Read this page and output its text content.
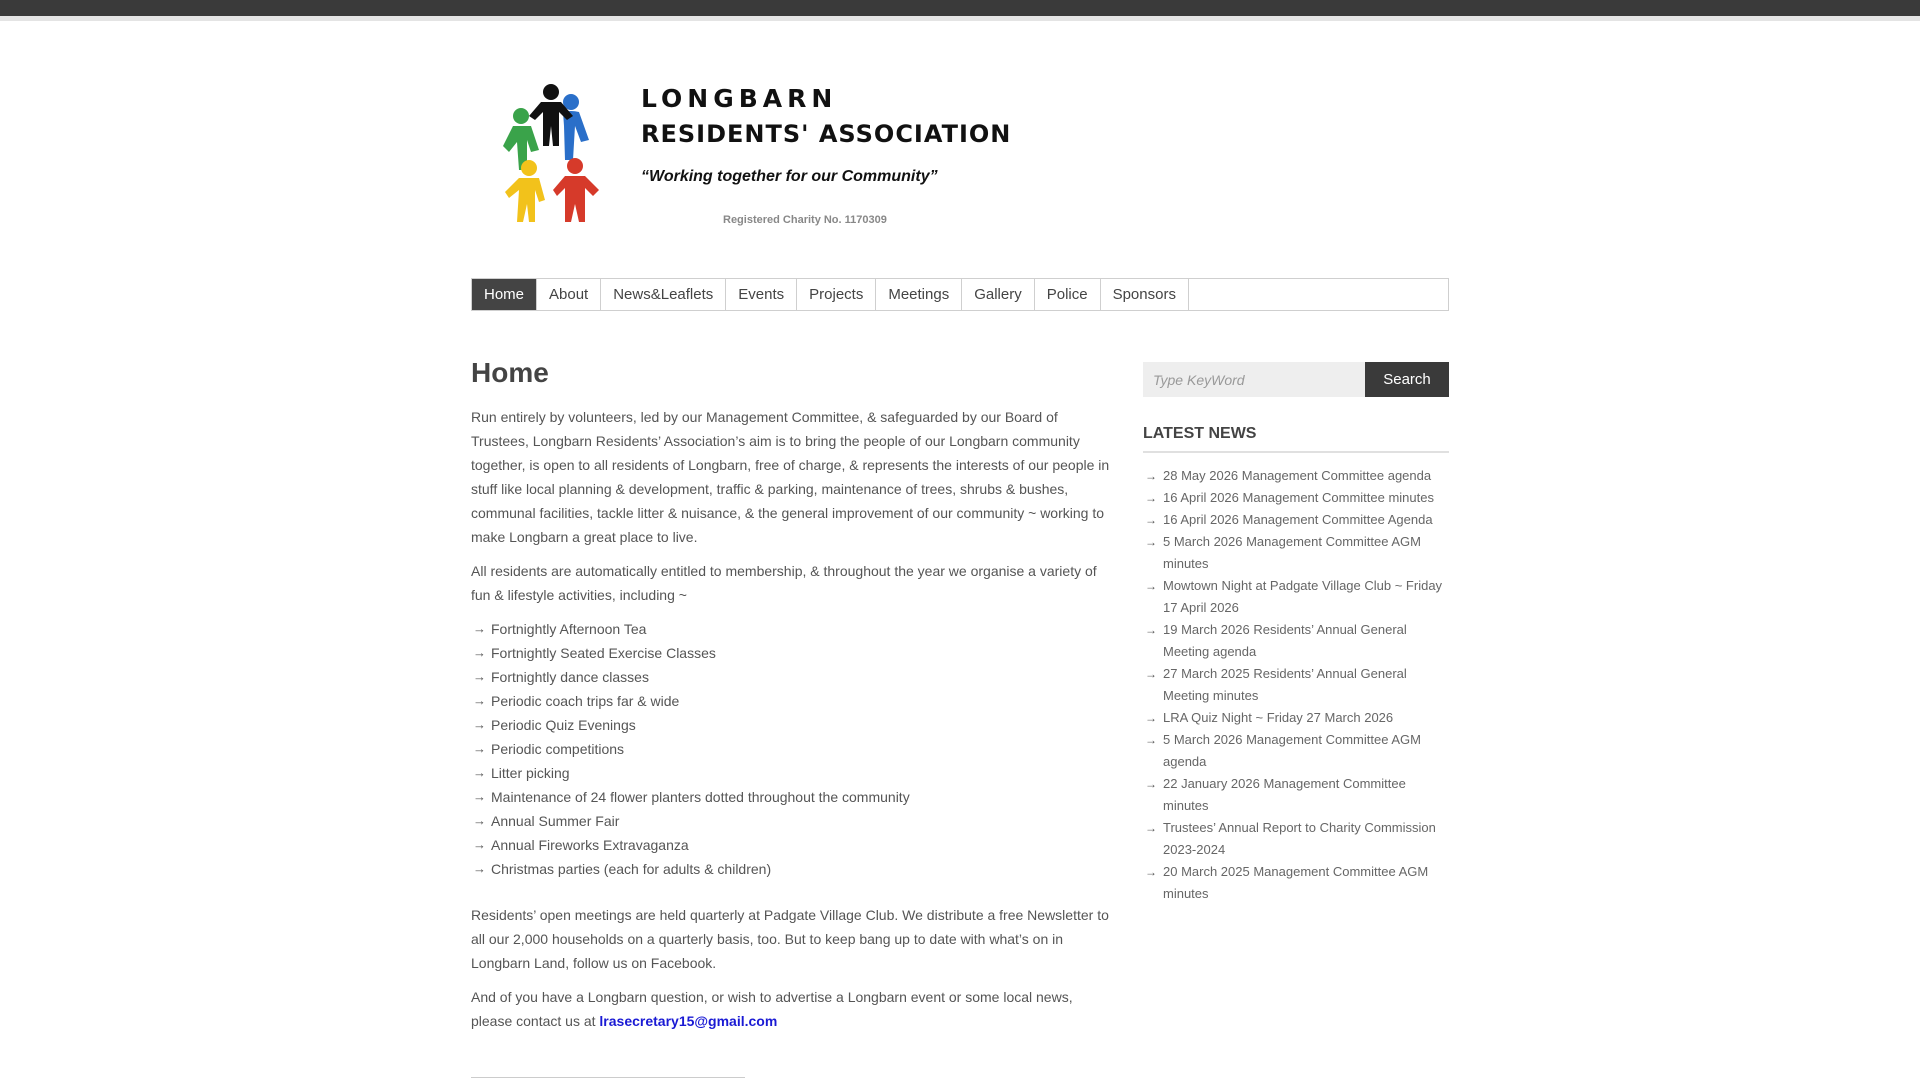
LONGBARN
RESIDENTS' ASSOCIATION
“Working together for our Community”
Registered Charity No. 1170309
Home	About	News&Leaflets	Events	Projects	Meetings	Gallery	Police	Sponsors
Home

Run entirely by volunteers, led by our Management Committee, & safeguarded by our Board of Trustees, Longbarn Residents’ Association’s aim is to bring the people of our Longbarn community together, is open to all residents of Longbarn, free of charge, & represents the interests of our people in stuff like local planning & development, traffic & parking, maintenance of trees, shrubs & bushes, communal facilities, tackle litter & nuisance, & the general improvement of our community ~ working to make Longbarn a great place to live.

All residents are automatically entitled to membership, & throughout the year we organise a variety of fun & lifestyle activities, including ~

→ Fortnightly Afternoon Tea
→ Fortnightly Seated Exercise Classes
→ Fortnightly dance classes
→ Periodic coach trips far & wide
→ Periodic Quiz Evenings
→ Periodic competitions
→ Litter picking
→ Maintenance of 24 flower planters dotted throughout the community
→ Annual Summer Fair
→ Annual Fireworks Extravaganza
→ Christmas parties (each for adults & children)

Residents’ open meetings are held quarterly at Padgate Village Club. We distribute a free Newsletter to all our 2,000 households on a quarterly basis, too. But to keep bang up to date with what’s on in Longbarn Land, follow us on Facebook.

And of you have a Longbarn question, or wish to advertise a Longbarn event or some local news, please contact us at lrasecretary15@gmail.com

Type KeyWord
Search
LATEST NEWS
→ 28 May 2026 Management Committee agenda
→ 16 April 2026 Management Committee minutes
→ 16 April 2026 Management Committee Agenda
→ 5 March 2026 Management Committee AGM minutes
→ Mowtown Night at Padgate Village Club ~ Friday 17 April 2026
→ 19 March 2026 Residents’ Annual General Meeting agenda
→ 27 March 2025 Residents’ Annual General Meeting minutes
→ LRA Quiz Night ~ Friday 27 March 2026
→ 5 March 2026 Management Committee AGM agenda
→ 22 January 2026 Management Committee minutes
→ Trustees’ Annual Report to Charity Commission 2023-2024
→ 20 March 2025 Management Committee AGM minutes
